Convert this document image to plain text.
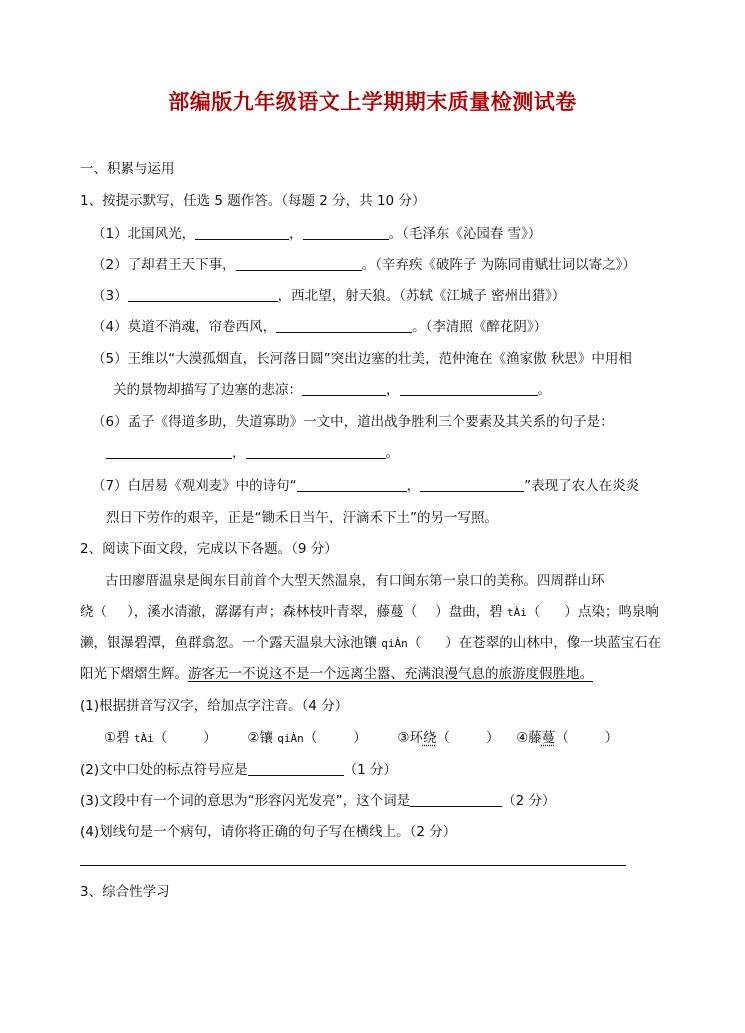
部编版九年级语文上学期期末质量检测试卷
一、积累与运用
1、按提示默写，任选 5 题作答。（每题 2 分，共 10 分）
（1）北国风光，	，	。（毛泽东《沁园春 雪》）
（2）了却君王天下事，	。（辛弃疾《破阵子 为陈同甫赋壮词以寄之》）
（3）	，西北望，射天狼。（苏轼《江城子 密州出猎》）
（4）莫道不消魂，帘卷西风，	。（李清照《醉花阴》）
（5）王维以“大漠孤烟直，长河落日圆”突出边塞的壮美，范仲淹在《渔家傲 秋思》中用相
关的景物却描写了边塞的悲凉：	，	。
（6）孟子《得道多助，失道寡助》一文中，道出战争胜利三个要素及其关系的句子是：
，	。
（7）白居易《观刈麦》中的诗句“	，	”表现了农人在炎炎
烈日下劳作的艰辛，正是“锄禾日当午，汗滴禾下土”的另一写照。
2、阅读下面文段，完成以下各题。（9 分）
古田廖厝温泉是闽东目前首个大型天然温泉，有口闽东第一泉口的美称。四周群山环
绕（ ），溪水清澈，潺潺有声；森林枝叶青翠，藤蔓（ ）盘曲，碧 tÀi（ ）点染；鸣泉响
濑，银瀑碧潭，鱼群翕忽。一个露天温泉大泳池镶 qiÀn（ ）在苍翠的山林中，像一块蓝宝石在
阳光下熠熠生辉。游客无一不说这不是一个远离尘嚣、充满浪漫气息的旅游度假胜地。
(1)根据拼音写汉字，给加点字注音。（4 分）
①碧 tÀi（	） ②镶 qiÀn（	） ③环绕（	） ④藤蔓（	）
(2)文中口处的标点符号应是	（1 分）
(3)文段中有一个词的意思为“形容闪光发亮”，这个词是	（2 分）
(4)划线句是一个病句，请你将正确的句子写在横线上。（2 分）
3、综合性学习
